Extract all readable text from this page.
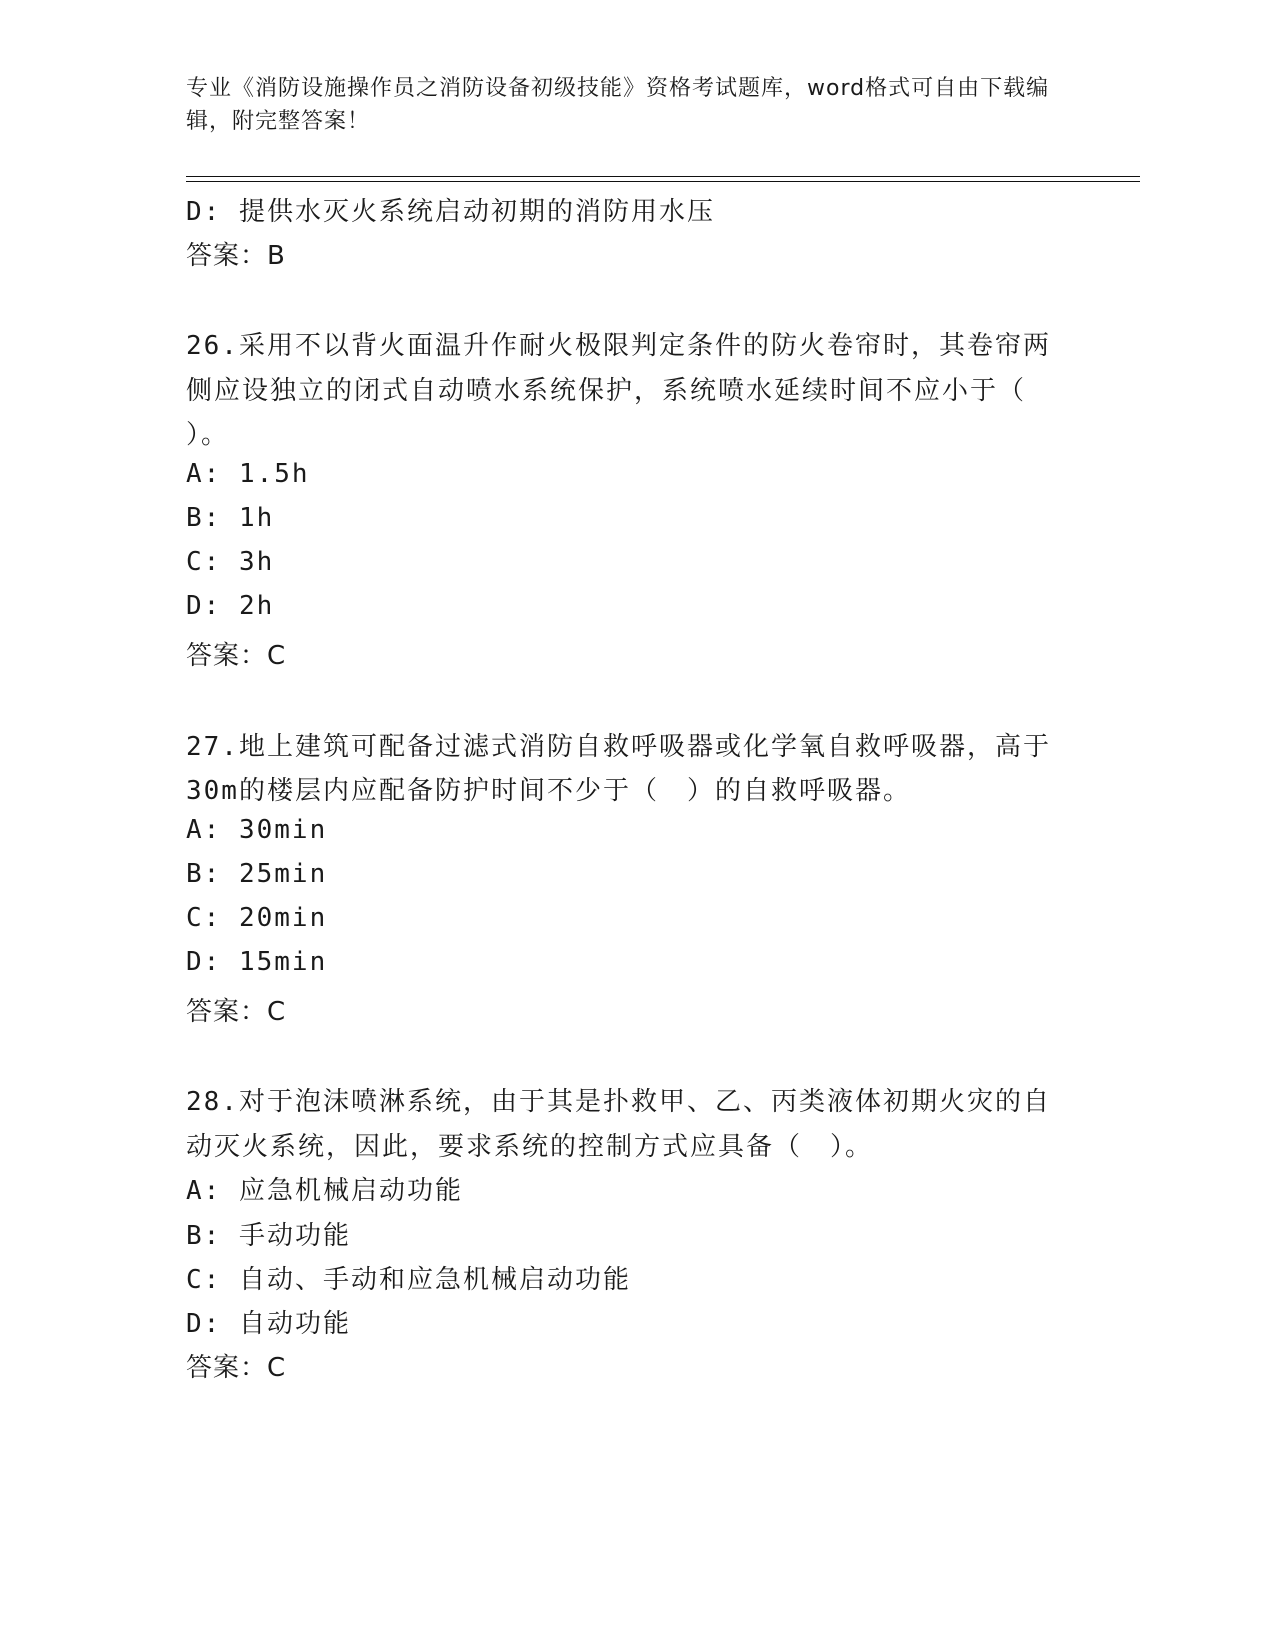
专业《消防设施操作员之消防设备初级技能》资格考试题库，word格式可自由下载编辑，附完整答案！
D: 提供水灭火系统启动初期的消防用水压
答案：B
26.采用不以背火面温升作耐火极限判定条件的防火卷帘时，其卷帘两
侧应设独立的闭式自动喷水系统保护，系统喷水延续时间不应小于（
）。
A: 1.5h
B: 1h
C: 3h
D: 2h
答案：C
27.地上建筑可配备过滤式消防自救呼吸器或化学氧自救呼吸器，高于
30m的楼层内应配备防护时间不少于（　）的自救呼吸器。
A: 30min
B: 25min
C: 20min
D: 15min
答案：C
28.对于泡沫喷淋系统，由于其是扑救甲、乙、丙类液体初期火灾的自
动灭火系统，因此，要求系统的控制方式应具备（　）。
A: 应急机械启动功能
B: 手动功能
C: 自动、手动和应急机械启动功能
D: 自动功能
答案：C
